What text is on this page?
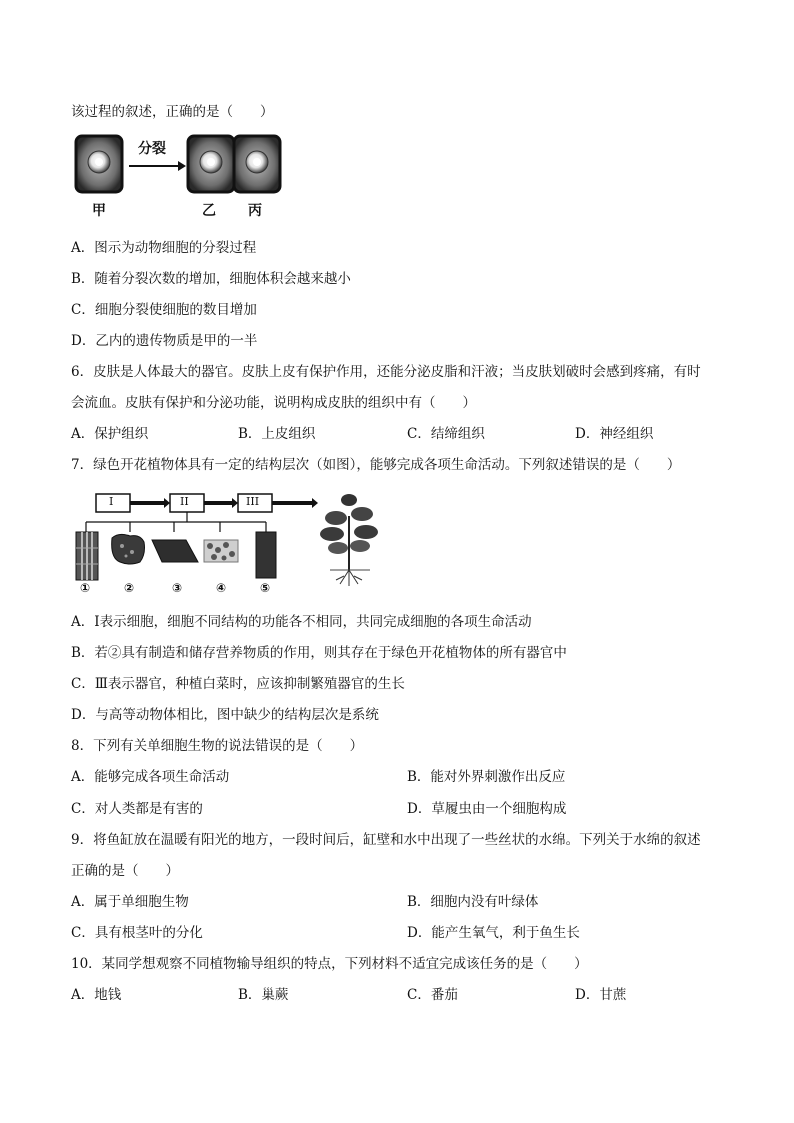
该过程的叙述，正确的是（　　）
分裂
甲	乙 丙
A．图示为动物细胞的分裂过程
B．随着分裂次数的增加，细胞体积会越来越小
C．细胞分裂使细胞的数目增加
D．乙内的遗传物质是甲的一半
6．皮肤是人体最大的器官。皮肤上皮有保护作用，还能分泌皮脂和汗液；当皮肤划破时会感到疼痛，有时
会流血。皮肤有保护和分泌功能，说明构成皮肤的组织中有（　　）
A．保护组织	B．上皮组织	C．结缔组织	D．神经组织
7．绿色开花植物体具有一定的结构层次（如图），能够完成各项生命活动。下列叙述错误的是（　　）
I	II	III
①	②	③	④	⑤
A．Ⅰ表示细胞，细胞不同结构的功能各不相同，共同完成细胞的各项生命活动
B．若②具有制造和储存营养物质的作用，则其存在于绿色开花植物体的所有器官中
C．Ⅲ表示器官，种植白菜时，应该抑制繁殖器官的生长
D．与高等动物体相比，图中缺少的结构层次是系统
8．下列有关单细胞生物的说法错误的是（　　）
A．能够完成各项生命活动	B．能对外界刺激作出反应
C．对人类都是有害的	D．草履虫由一个细胞构成
9．将鱼缸放在温暖有阳光的地方，一段时间后，缸壁和水中出现了一些丝状的水绵。下列关于水绵的叙述
正确的是（　　）
A．属于单细胞生物	B．细胞内没有叶绿体
C．具有根茎叶的分化	D．能产生氧气，利于鱼生长
10．某同学想观察不同植物输导组织的特点，下列材料不适宜完成该任务的是（　　）
A．地钱	B．巢蕨	C．番茄	D．甘蔗
